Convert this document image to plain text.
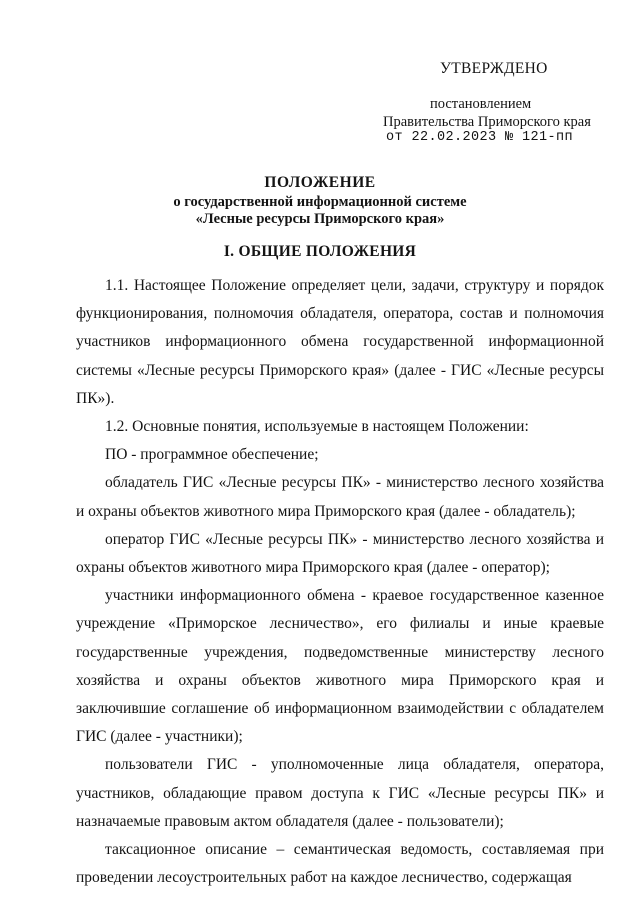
УТВЕРЖДЕНО
постановлением
Правительства Приморского края
от 22.02.2023 № 121-пп
ПОЛОЖЕНИЕ
о государственной информационной системе
«Лесные ресурсы Приморского края»
I. ОБЩИЕ ПОЛОЖЕНИЯ

1.1. Настоящее Положение определяет цели, задачи, структуру и порядок функционирования, полномочия обладателя, оператора, состав и полномочия участников информационного обмена государственной информационной системы «Лесные ресурсы Приморского края» (далее - ГИС «Лесные ресурсы ПК»).

1.2. Основные понятия, используемые в настоящем Положении:

ПО - программное обеспечение;

обладатель ГИС «Лесные ресурсы ПК» - министерство лесного хозяйства и охраны объектов животного мира Приморского края (далее - обладатель);

оператор ГИС «Лесные ресурсы ПК» - министерство лесного хозяйства и охраны объектов животного мира Приморского края (далее - оператор);

участники информационного обмена - краевое государственное казенное учреждение «Приморское лесничество», его филиалы и иные краевые государственные учреждения, подведомственные министерству лесного хозяйства и охраны объектов животного мира Приморского края и заключившие соглашение об информационном взаимодействии с обладателем ГИС (далее - участники);

пользователи ГИС - уполномоченные лица обладателя, оператора, участников, обладающие правом доступа к ГИС «Лесные ресурсы ПК» и назначаемые правовым актом обладателя (далее - пользователи);

таксационное описание – семантическая ведомость, составляемая при проведении лесоустроительных работ на каждое лесничество, содержащая
